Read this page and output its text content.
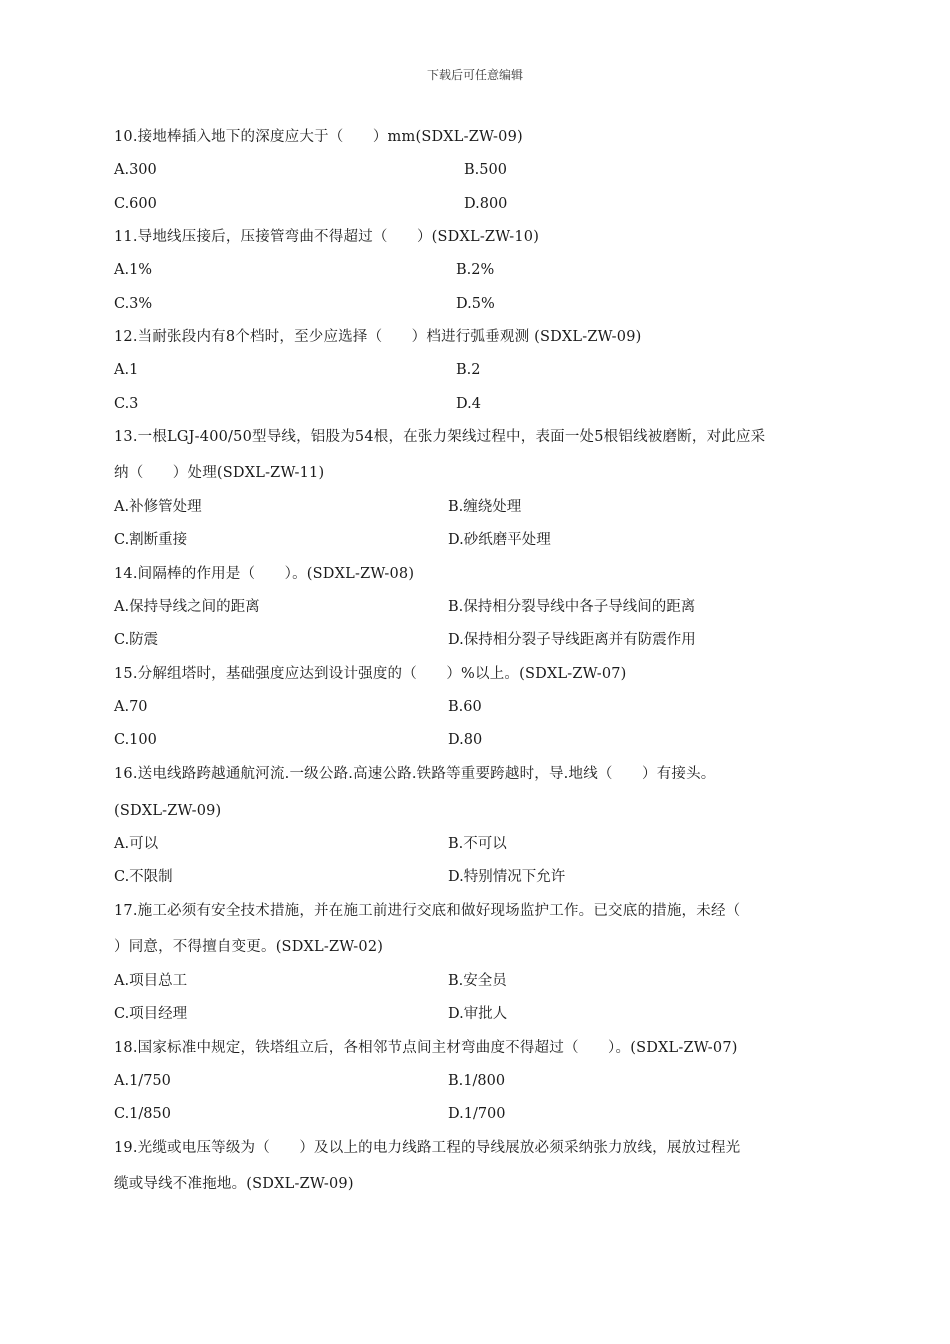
下载后可任意编辑
10.接地棒插入地下的深度应大于（　　）mm(SDXL-ZW-09)
A.300	B.500
C.600	D.800
11.导地线压接后，压接管弯曲不得超过（　　）(SDXL-ZW-10)
A.1%	B.2%
C.3%	D.5%
12.当耐张段内有8个档时，至少应选择（　　）档进行弧垂观测 (SDXL-ZW-09)
A.1	B.2
C.3	D.4
13.一根LGJ-400/50型导线，铝股为54根，在张力架线过程中，表面一处5根铝线被磨断，对此应采
纳（　　）处理(SDXL-ZW-11)
A.补修管处理	B.缠绕处理
C.割断重接	D.砂纸磨平处理
14.间隔棒的作用是（　　）。(SDXL-ZW-08)
A.保持导线之间的距离	B.保持相分裂导线中各子导线间的距离
C.防震	D.保持相分裂子导线距离并有防震作用
15.分解组塔时，基础强度应达到设计强度的（　　）%以上。(SDXL-ZW-07)
A.70	B.60
C.100	D.80
16.送电线路跨越通航河流.一级公路.高速公路.铁路等重要跨越时，导.地线（　　）有接头。
(SDXL-ZW-09)
A.可以	B.不可以
C.不限制	D.特别情况下允许
17.施工必须有安全技术措施，并在施工前进行交底和做好现场监护工作。已交底的措施，未经（
）同意，不得擅自变更。(SDXL-ZW-02)
A.项目总工	B.安全员
C.项目经理	D.审批人
18.国家标准中规定，铁塔组立后，各相邻节点间主材弯曲度不得超过（　　）。(SDXL-ZW-07)
A.1/750	B.1/800
C.1/850	D.1/700
19.光缆或电压等级为（　　）及以上的电力线路工程的导线展放必须采纳张力放线，展放过程光
缆或导线不准拖地。(SDXL-ZW-09)
